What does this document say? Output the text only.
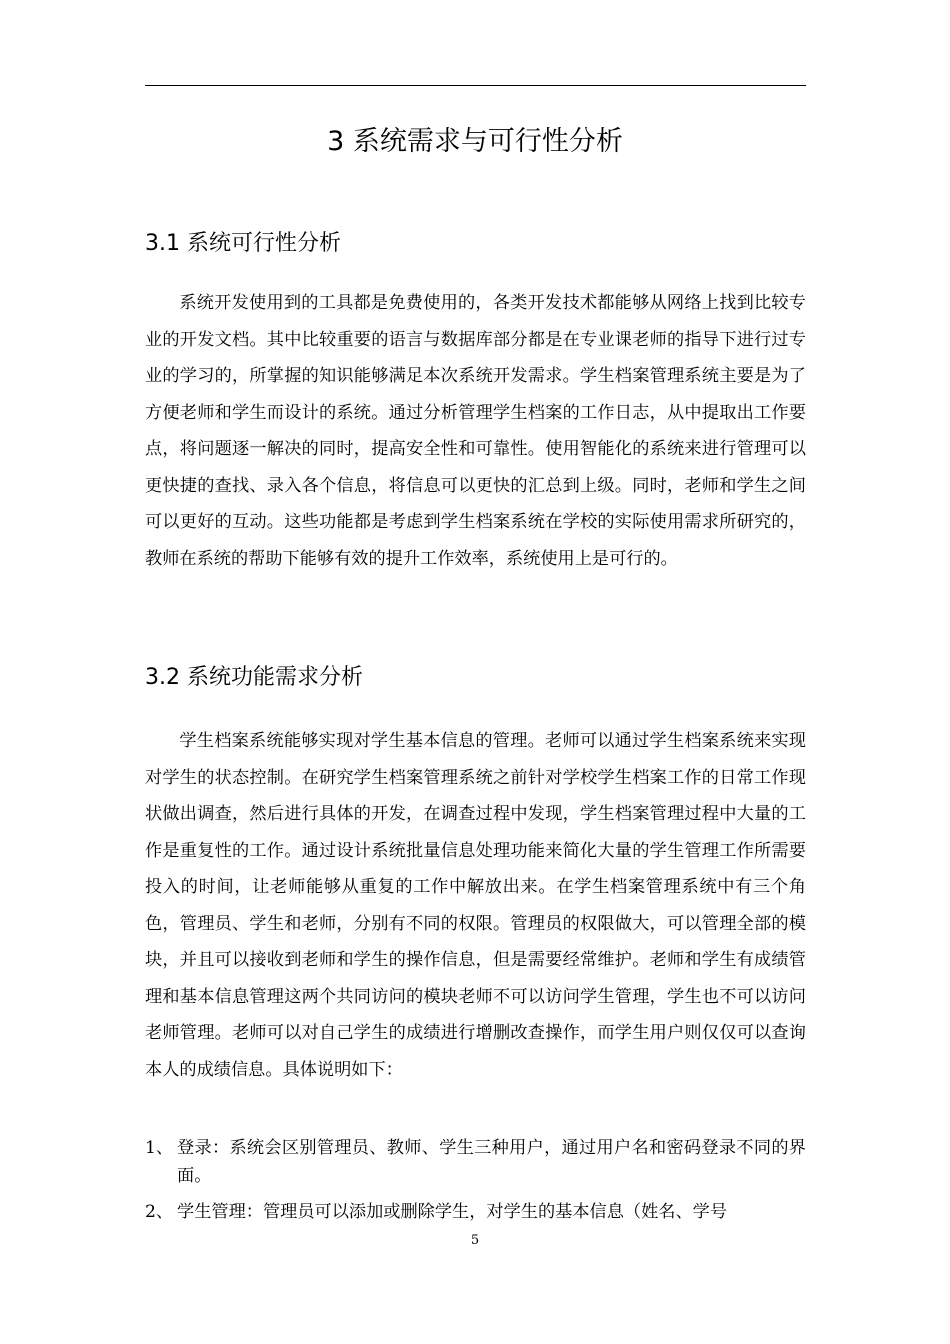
3 系统需求与可行性分析
3.1 系统可行性分析

系统开发使用到的工具都是免费使用的，各类开发技术都能够从网络上找到比较专业的开发文档。其中比较重要的语言与数据库部分都是在专业课老师的指导下进行过专业的学习的，所掌握的知识能够满足本次系统开发需求。学生档案管理系统主要是为了方便老师和学生而设计的系统。通过分析管理学生档案的工作日志，从中提取出工作要点，将问题逐一解决的同时，提高安全性和可靠性。使用智能化的系统来进行管理可以更快捷的查找、录入各个信息，将信息可以更快的汇总到上级。同时，老师和学生之间可以更好的互动。这些功能都是考虑到学生档案系统在学校的实际使用需求所研究的，教师在系统的帮助下能够有效的提升工作效率，系统使用上是可行的。

3.2 系统功能需求分析

学生档案系统能够实现对学生基本信息的管理。老师可以通过学生档案系统来实现对学生的状态控制。在研究学生档案管理系统之前针对学校学生档案工作的日常工作现状做出调查，然后进行具体的开发，在调查过程中发现，学生档案管理过程中大量的工作是重复性的工作。通过设计系统批量信息处理功能来简化大量的学生管理工作所需要投入的时间，让老师能够从重复的工作中解放出来。在学生档案管理系统中有三个角色，管理员、学生和老师，分别有不同的权限。管理员的权限做大，可以管理全部的模块，并且可以接收到老师和学生的操作信息，但是需要经常维护。老师和学生有成绩管理和基本信息管理这两个共同访问的模块老师不可以访问学生管理，学生也不可以访问老师管理。老师可以对自己学生的成绩进行增删改查操作，而学生用户则仅仅可以查询本人的成绩信息。具体说明如下：

1、 登录：系统会区别管理员、教师、学生三种用户，通过用户名和密码登录不同的界面。
2、 学生管理：管理员可以添加或删除学生，对学生的基本信息（姓名、学号
5
